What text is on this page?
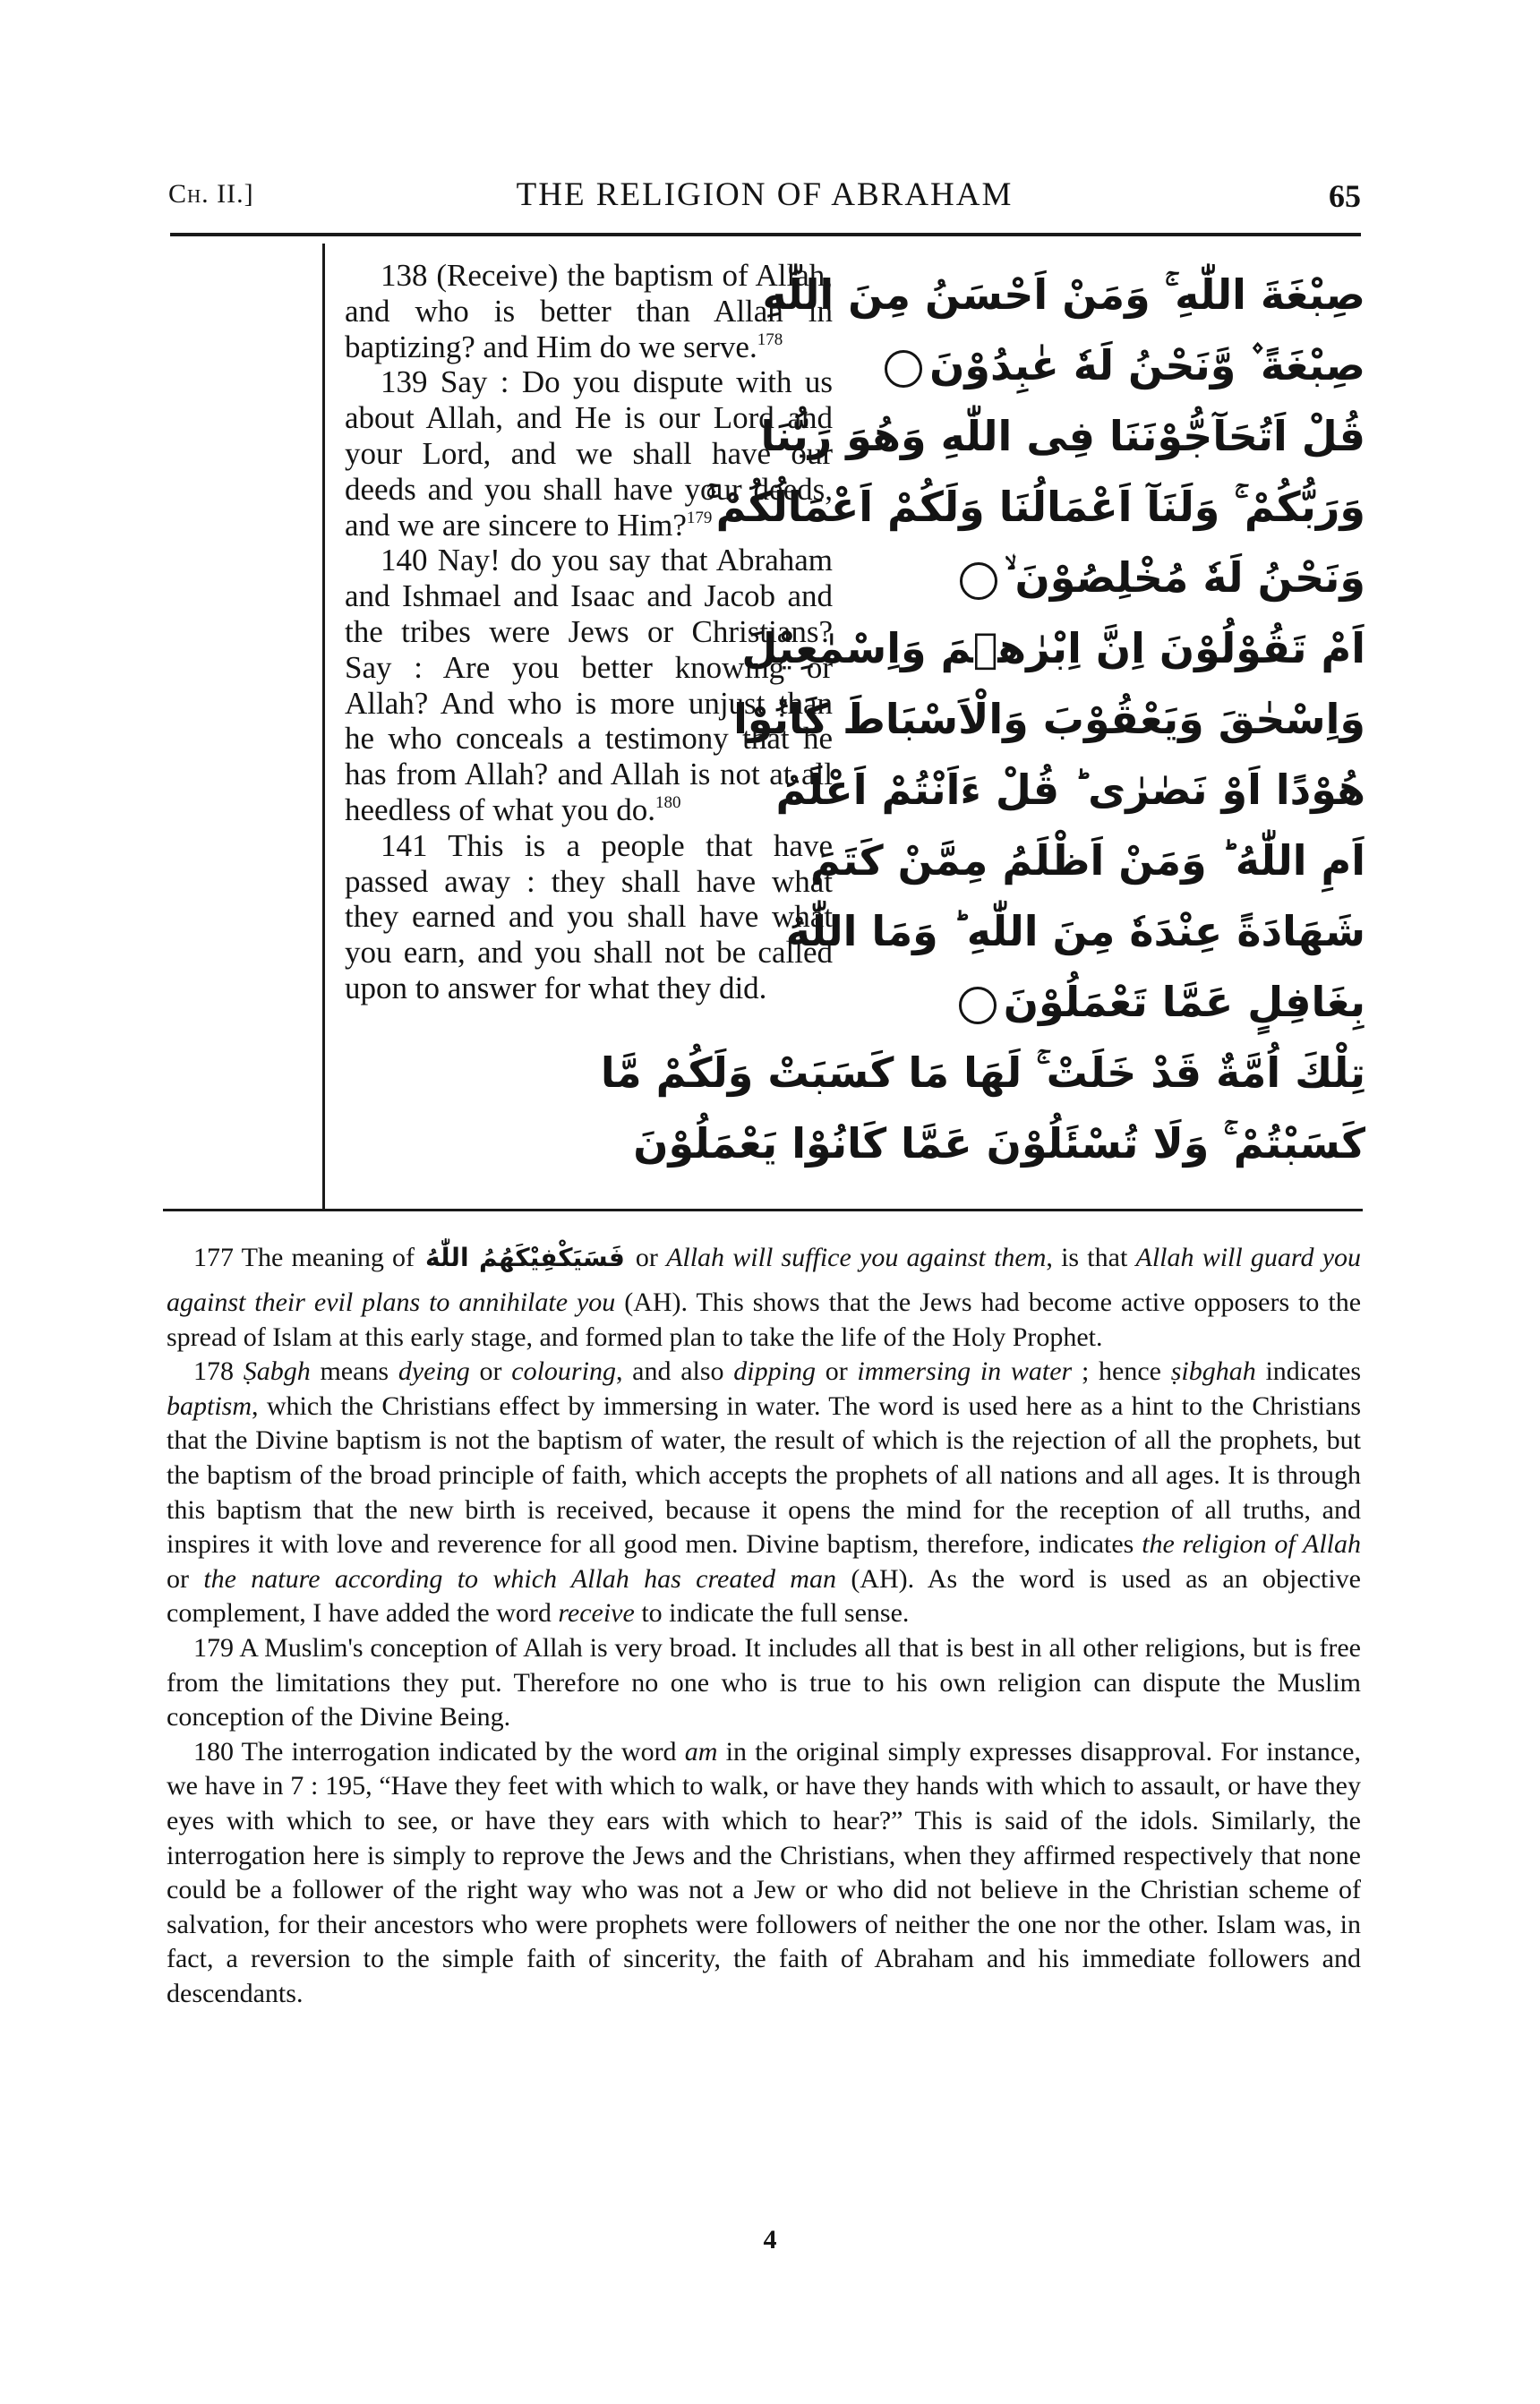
Ch. II.]	THE RELIGION OF ABRAHAM	65

138 (Receive) the baptism of Allah, and who is better than Allah in baptizing? and Him do we serve.$^{178}$

139 Say : Do you dispute with us about Allah, and He is our Lord and your Lord, and we shall have our deeds and you shall have your deeds, and we are sincere to Him?$^{179}$

140 Nay! do you say that Abraham and Ishmael and Isaac and Jacob and the tribes were Jews or Christians? Say : Are you better knowing or Allah? And who is more unjust than he who conceals a testimony that he has from Allah? and Allah is not at all heedless of what you do.$^{180}$

141 This is a people that have passed away : they shall have what they earned and you shall have what you earn, and you shall not be called upon to answer for what they did.

صِبْغَةَ اللّٰهِ ۚ وَمَنْ اَحْسَنُ مِنَ اللّٰهِ
صِبْغَةً ۫ وَّنَحْنُ لَهٗ عٰبِدُوْنَ
قُلْ اَتُحَآجُّوْنَنَا فِى اللّٰهِ وَهُوَ رَبُّنَا
وَرَبُّكُمْ ۚ وَلَنَآ اَعْمَالُنَا وَلَكُمْ اَعْمَالُكُمْ ۚ
وَنَحْنُ لَهٗ مُخْلِصُوْنَ ۙ
اَمْ تَقُوْلُوْنَ اِنَّ اِبْرٰهٖمَ وَاِسْمٰعِيْلَ
وَاِسْحٰقَ وَيَعْقُوْبَ وَالْاَسْبَاطَ كَانُوْا
هُوْدًا اَوْ نَصٰرٰى ؕ قُلْ ءَاَنْتُمْ اَعْلَمُ
اَمِ اللّٰهُ ؕ وَمَنْ اَظْلَمُ مِمَّنْ كَتَمَ
شَهَادَةً عِنْدَهٗ مِنَ اللّٰهِ ؕ وَمَا اللّٰهُ
بِغَافِلٍ عَمَّا تَعْمَلُوْنَ
تِلْكَ اُمَّةٌ قَدْ خَلَتْ ۚ لَهَا مَا كَسَبَتْ وَلَكُمْ مَّا
كَسَبْتُمْ ۚ وَلَا تُسْئَلُوْنَ عَمَّا كَانُوْا يَعْمَلُوْنَ

177 The meaning of فَسَيَكْفِيْكَهُمُ اللّٰهُ or Allah will suffice you against them, is that Allah will guard you against their evil plans to annihilate you (AH). This shows that the Jews had become active opposers to the spread of Islam at this early stage, and formed plan to take the life of the Holy Prophet.

178 Ṣabgh means dyeing or colouring, and also dipping or immersing in water ; hence ṣibghah indicates baptism, which the Christians effect by immersing in water. The word is used here as a hint to the Christians that the Divine baptism is not the baptism of water, the result of which is the rejection of all the prophets, but the baptism of the broad principle of faith, which accepts the prophets of all nations and all ages. It is through this baptism that the new birth is received, because it opens the mind for the reception of all truths, and inspires it with love and reverence for all good men. Divine baptism, therefore, indicates the religion of Allah or the nature according to which Allah has created man (AH). As the word is used as an objective complement, I have added the word receive to indicate the full sense.

179 A Muslim's conception of Allah is very broad. It includes all that is best in all other religions, but is free from the limitations they put. Therefore no one who is true to his own religion can dispute the Muslim conception of the Divine Being.

180 The interrogation indicated by the word am in the original simply expresses disapproval. For instance, we have in 7 : 195, “Have they feet with which to walk, or have they hands with which to assault, or have they eyes with which to see, or have they ears with which to hear?” This is said of the idols. Similarly, the interrogation here is simply to reprove the Jews and the Christians, when they affirmed respectively that none could be a follower of the right way who was not a Jew or who did not believe in the Christian scheme of salvation, for their ancestors who were prophets were followers of neither the one nor the other. Islam was, in fact, a reversion to the simple faith of sincerity, the faith of Abraham and his immediate followers and descendants.

4
